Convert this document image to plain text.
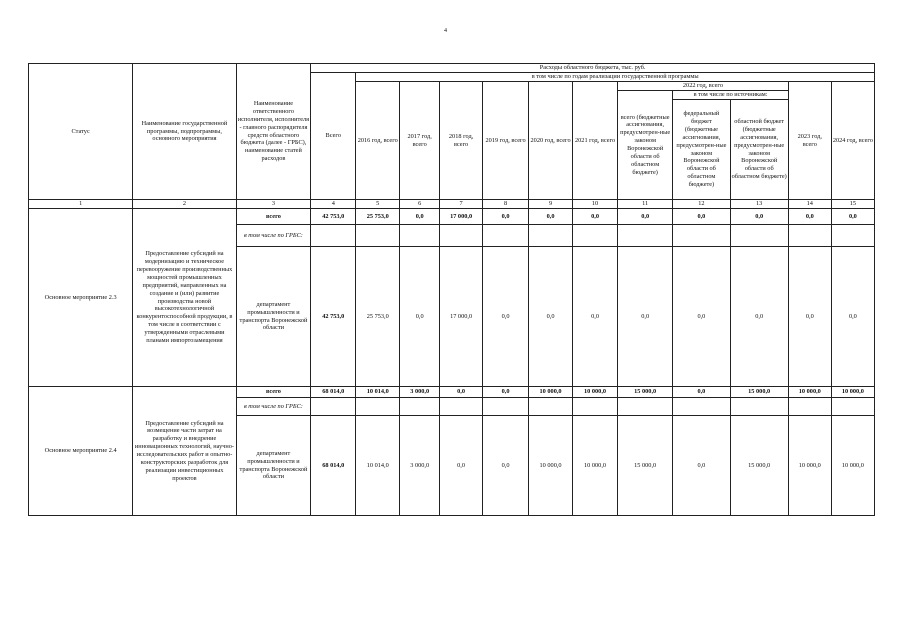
4
Статус	Наименование государственной программы, подпрограммы, основного мероприятия	Наименование ответственного исполнителя, исполнителя - главного распорядителя средств областного бюджета (далее - ГРБС), наименование статей расходов	Расходы областного бюджета, тыс. руб.											
			Всего	в том числе по годам реализации государственной программы										
				2016 год, всего	2017 год, всего	2018 год, всего	2019 год, всего	2020 год, всего	2021 год, всего	2022 год, всего			2023 год, всего	2024 год, всего
										всего (бюджетные ассигнования, предусмотрен-ные законом Воронежской области об областном бюджете)	в том числе по источникам:			
											федеральный бюджет (бюджетные ассигнования, предусмотрен-ные законом Воронежской области об областном бюджете)	областной бюджет (бюджетные ассигнования, предусмотрен-ные законом Воронежской области об областном бюджете)		
1	2	3	4	5	6	7	8	9	10	11	12	13	14	15
Основное мероприятие 2.3	Предоставление субсидий на модернизацию и техническое перевооружение производственных мощностей промышленных предприятий, направленных на создание и (или) развитие производства новой высокотехнологичной конкурентоспособной продукции, в том числе в соответствии с утвержденными отраслевыми планами импортозамещения	всего	42 753,0	25 753,0	0,0	17 000,0	0,0	0,0	0,0	0,0	0,0	0,0	0,0	0,0
		в том числе по ГРБС:												
		департамент промышленности и транспорта Воронежской области	42 753,0	25 753,0	0,0	17 000,0	0,0	0,0	0,0	0,0	0,0	0,0	0,0	0,0
Основное мероприятие 2.4	Предоставление субсидий на возмещение части затрат на разработку и внедрение инновационных технологий, научно-исследовательских работ и опытно-конструкторских разработок для реализации инвестиционных проектов	всего	68 014,0	10 014,0	3 000,0	0,0	0,0	10 000,0	10 000,0	15 000,0	0,0	15 000,0	10 000,0	10 000,0
		в том числе по ГРБС:												
		департамент промышленности и транспорта Воронежской области	68 014,0	10 014,0	3 000,0	0,0	0,0	10 000,0	10 000,0	15 000,0	0,0	15 000,0	10 000,0	10 000,0
